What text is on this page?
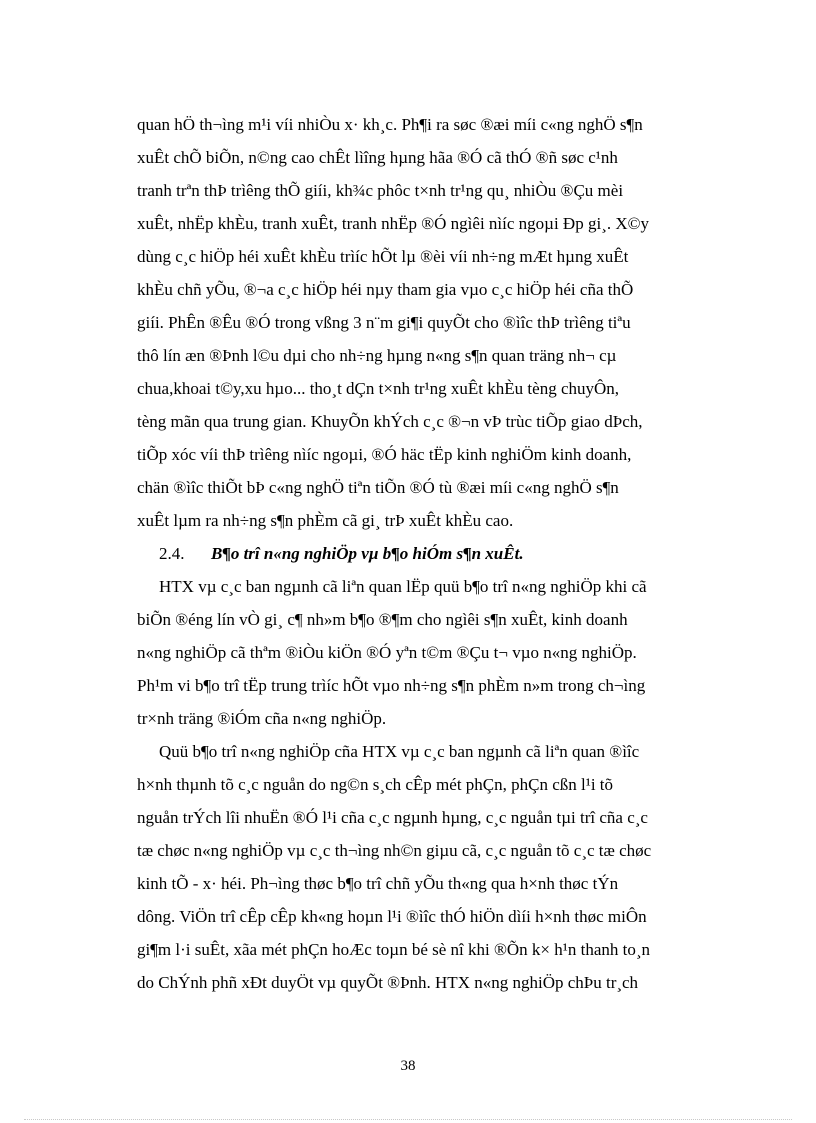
quan hÖ th¬ìng m¹i víi nhiÒu x· kh¸c. Ph¶i ra søc ®æi míi c«ng nghÖ s¶n
xuÊt chÕ biÕn, n©ng cao chÊt lìîng hµng hãa ®Ó cã thÓ ®ñ søc c¹nh
tranh trªn thÞ trìêng thÕ giíi, kh¾c phôc t×nh tr¹ng qu¸ nhiÒu ®Çu mèi
xuÊt, nhËp khÈu, tranh xuÊt, tranh nhËp ®Ó ngìêi nìíc ngoµi Ðp gi¸. X©y
dùng c¸c hiÖp héi xuÊt khÈu trìíc hÕt lµ ®èi víi nh÷ng mÆt hµng xuÊt
khÈu chñ yÕu, ®¬a c¸c hiÖp héi nµy tham gia vµo c¸c hiÖp héi cña thÕ
giíi. PhÊn ®Êu ®Ó trong vßng 3 n¨m gi¶i quyÕt cho ®ìîc thÞ trìêng tiªu
thô lín æn ®Þnh l©u dµi cho nh÷ng hµng n«ng s¶n quan träng nh¬ cµ
chua,khoai t©y,xu hµo... tho¸t dÇn t×nh tr¹ng xuÊt khÈu tèng chuyÔn,
tèng mãn qua trung gian. KhuyÕn khÝch c¸c ®¬n vÞ trùc tiÕp giao dÞch,
tiÕp xóc víi thÞ trìêng nìíc ngoµi, ®Ó häc tËp kinh nghiÖm kinh doanh,
chän ®ìîc thiÕt bÞ c«ng nghÖ tiªn tiÕn ®Ó tù ®æi míi c«ng nghÖ s¶n
xuÊt lµm ra nh÷ng s¶n phÈm cã gi¸ trÞ xuÊt khÈu cao.
2.4. B¶o trî n«ng nghiÖp vµ b¶o hiÓm s¶n xuÊt.
HTX vµ c¸c ban ngµnh cã liªn quan lËp quü b¶o trî n«ng nghiÖp khi cã
biÕn ®éng lín vÒ gi¸ c¶ nh»m b¶o ®¶m cho ngìêi s¶n xuÊt, kinh doanh
n«ng nghiÖp cã thªm ®iÒu kiÖn ®Ó yªn t©m ®Çu t¬ vµo n«ng nghiÖp.
Ph¹m vi b¶o trî tËp trung trìíc hÕt vµo nh÷ng s¶n phÈm n»m trong ch¬ìng
tr×nh träng ®iÓm cña n«ng nghiÖp.
Quü b¶o trî n«ng nghiÖp cña HTX vµ c¸c ban ngµnh cã liªn quan ®ìîc
h×nh thµnh tõ c¸c nguån do ng©n s¸ch cÊp mét phÇn, phÇn cßn l¹i tõ
nguån trÝch lîi nhuËn ®Ó l¹i cña c¸c ngµnh hµng, c¸c nguån tµi trî cña c¸c
tæ chøc n«ng nghiÖp vµ c¸c th¬ìng nh©n giµu cã, c¸c nguån tõ c¸c tæ chøc
kinh tÕ - x· héi. Ph¬ìng thøc b¶o trî chñ yÕu th«ng qua h×nh thøc tÝn
dông. ViÖn trî cÊp cÊp kh«ng hoµn l¹i ®ìîc thÓ hiÖn dìíi h×nh thøc miÔn
gi¶m l·i suÊt, xãa mét phÇn hoÆc toµn bé sè nî khi ®Õn k× h¹n thanh to¸n
do ChÝnh phñ xÐt duyÖt vµ quyÕt ®Þnh. HTX n«ng nghiÖp chÞu tr¸ch
38
